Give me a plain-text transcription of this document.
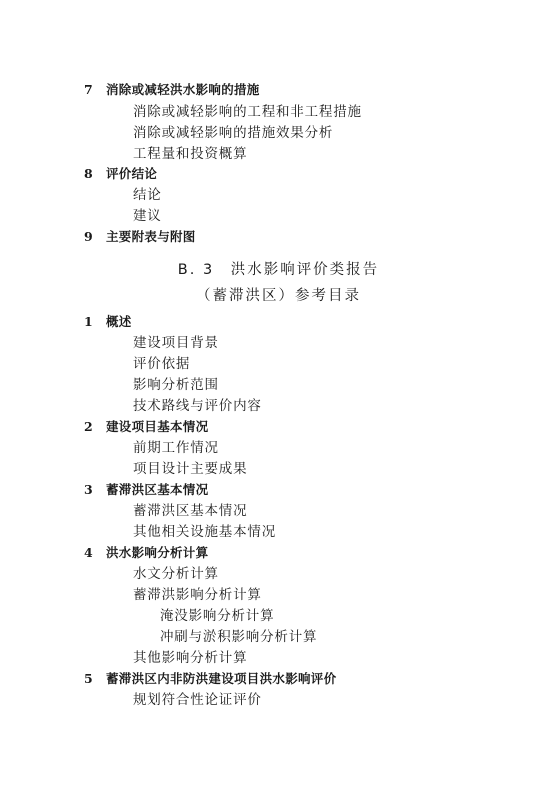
7	消除或减轻洪水影响的措施
消除或减轻影响的工程和非工程措施
消除或减轻影响的措施效果分析
工程量和投资概算
8	评价结论
结论
建议
9	主要附表与附图
B. 3　洪水影响评价类报告
（蓄滞洪区）参考目录
1	概述
建设项目背景
评价依据
影响分析范围
技术路线与评价内容
2	建设项目基本情况
前期工作情况
项目设计主要成果
3	蓄滞洪区基本情况
蓄滞洪区基本情况
其他相关设施基本情况
4	洪水影响分析计算
水文分析计算
蓄滞洪影响分析计算
淹没影响分析计算
冲刷与淤积影响分析计算
其他影响分析计算
5	蓄滞洪区内非防洪建设项目洪水影响评价
规划符合性论证评价
